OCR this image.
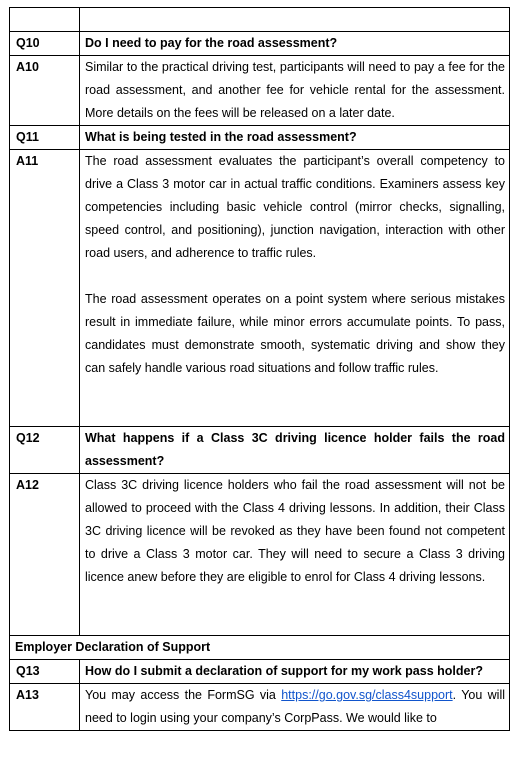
Q10	Do I need to pay for the road assessment?
A10	Similar to the practical driving test, participants will need to pay a fee for the road assessment, and another fee for vehicle rental for the assessment. More details on the fees will be released on a later date.

Q11	What is being tested in the road assessment?
A11	The road assessment evaluates the participant’s overall competency to drive a Class 3 motor car in actual traffic conditions. Examiners assess key competencies including basic vehicle control (mirror checks, signalling, speed control, and positioning), junction navigation, interaction with other road users, and adherence to traffic rules.

The road assessment operates on a point system where serious mistakes result in immediate failure, while minor errors accumulate points. To pass, candidates must demonstrate smooth, systematic driving and show they can safely handle various road situations and follow traffic rules.

Q12	What happens if a Class 3C driving licence holder fails the road assessment?
A12	Class 3C driving licence holders who fail the road assessment will not be allowed to proceed with the Class 4 driving lessons. In addition, their Class 3C driving licence will be revoked as they have been found not competent to drive a Class 3 motor car. They will need to secure a Class 3 driving licence anew before they are eligible to enrol for Class 4 driving lessons.

Employer Declaration of Support	
Q13	How do I submit a declaration of support for my work pass holder?
A13	You may access the FormSG via https://go.gov.sg/class4support. You will need to login using your company’s CorpPass. We would like to
